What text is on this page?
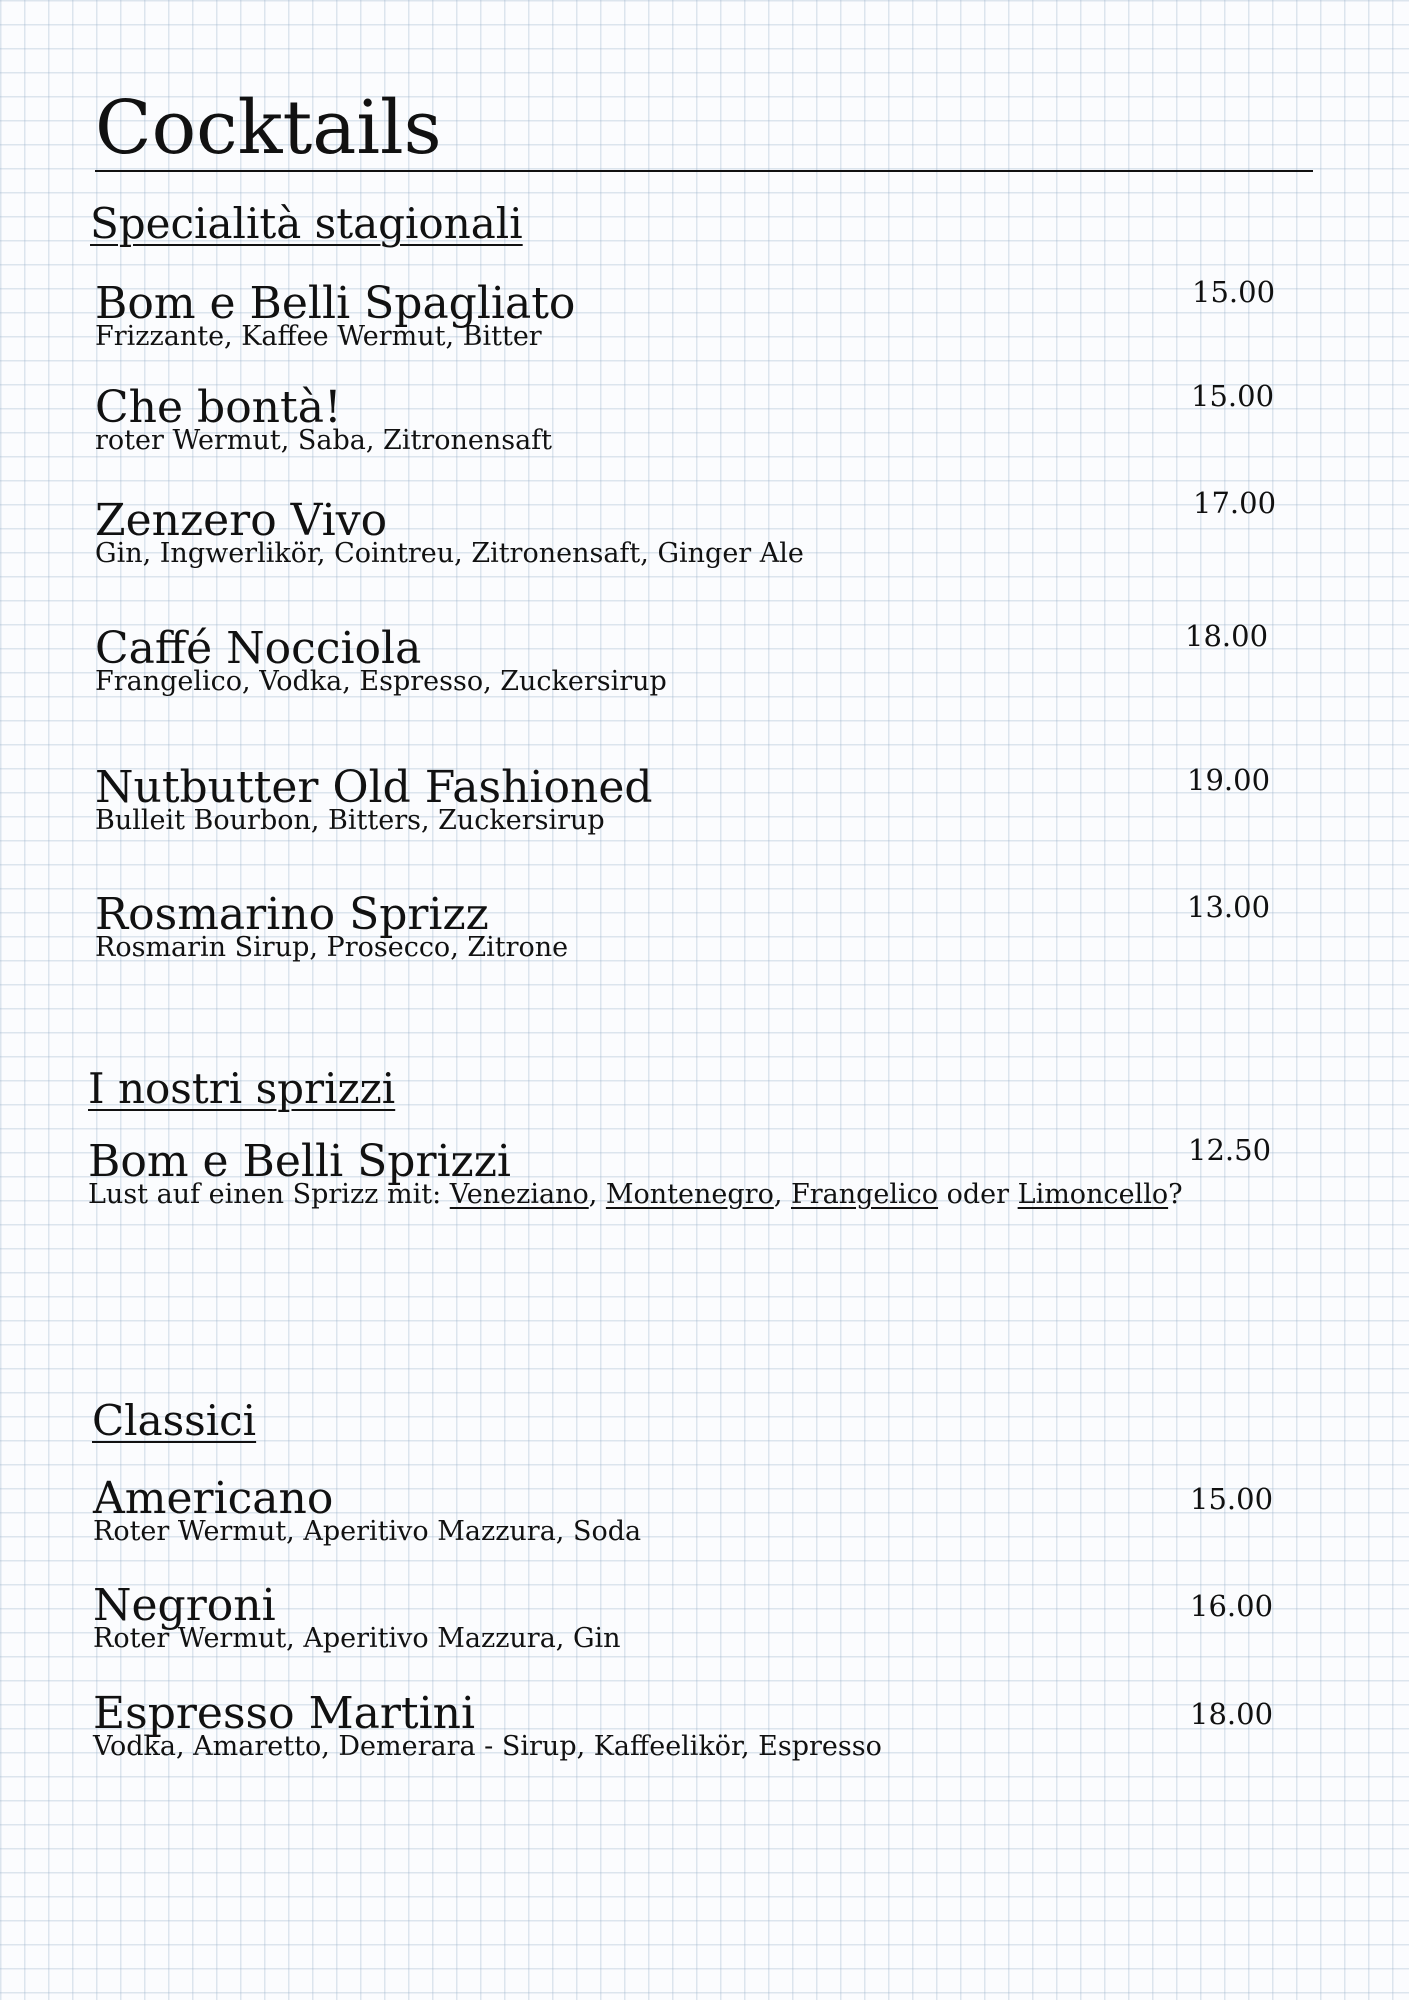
Cocktails
Specialità stagionali
Bom e Belli Spagliato
Frizzante, Kaffee Wermut, Bitter
15.00
Che bontà!
roter Wermut, Saba, Zitronensaft
15.00
Zenzero Vivo
Gin, Ingwerlikör, Cointreu, Zitronensaft, Ginger Ale
17.00
Caffé Nocciola
Frangelico, Vodka, Espresso, Zuckersirup
18.00
Nutbutter Old Fashioned
Bulleit Bourbon, Bitters, Zuckersirup
19.00
Rosmarino Sprizz
Rosmarin Sirup, Prosecco, Zitrone
13.00
I nostri sprizzi
Bom e Belli Sprizzi
Lust auf einen Sprizz mit: Veneziano, Montenegro, Frangelico oder Limoncello?
12.50
Classici
Americano
Roter Wermut, Aperitivo Mazzura, Soda
15.00
Negroni
Roter Wermut, Aperitivo Mazzura, Gin
16.00
Espresso Martini
Vodka, Amaretto, Demerara - Sirup, Kaffeelikör, Espresso
18.00
